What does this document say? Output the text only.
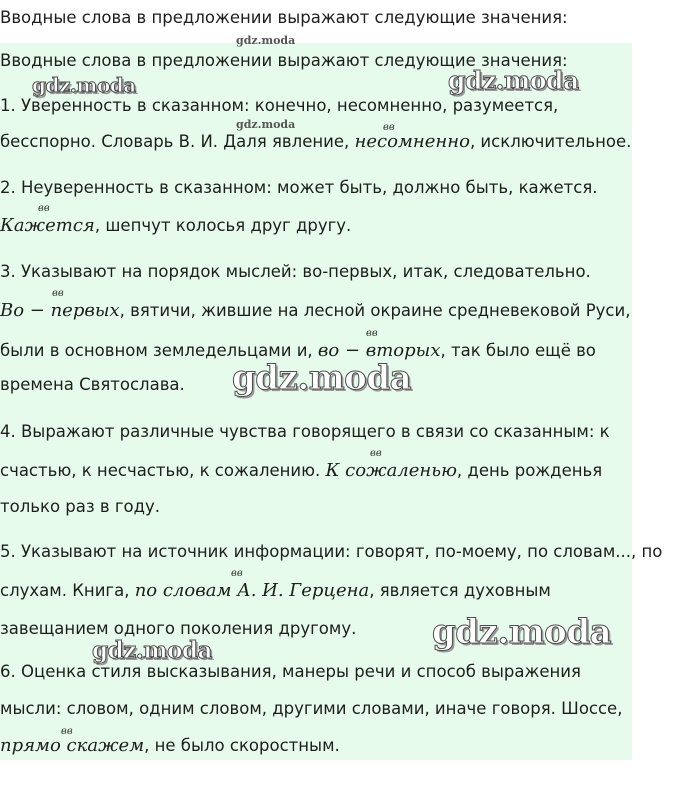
Вводные слова в предложении выражают следующие значения:
gdz.moda
Вводные слова в предложении выражают следующие значения:
gdz.moda	gdz.moda
1. Уверенность в сказанном: конечно, несомненно, разумеется,
gdz.moda	вв
бесспорно. Словарь В. И. Даля явление, несомненно, исключительное.
2. Неуверенность в сказанном: может быть, должно быть, кажется.
вв
Кажется, шепчут колосья друг другу.
3. Указывают на порядок мыслей: во-первых, итак, следовательно.
вв
Во − первых, вятичи, жившие на лесной окраине средневековой Руси,
вв
были в основном земледельцами и, во − вторых, так было ещё во
времена Святослава. gdz.moda
4. Выражают различные чувства говорящего в связи со сказанным: к
вв
счастью, к несчастью, к сожалению. К сожаленью, день рожденья
только раз в году.
5. Указывают на источник информации: говорят, по-моему, по словам..., по
вв
слухам. Книга, по словам А. И. Герцена, является духовным
завещанием одного поколения другому. gdz.moda
gdz.moda
6. Оценка стиля высказывания, манеры речи и способ выражения
мысли: словом, одним словом, другими словами, иначе говоря. Шоссе,
вв
прямо скажем, не было скоростным.
